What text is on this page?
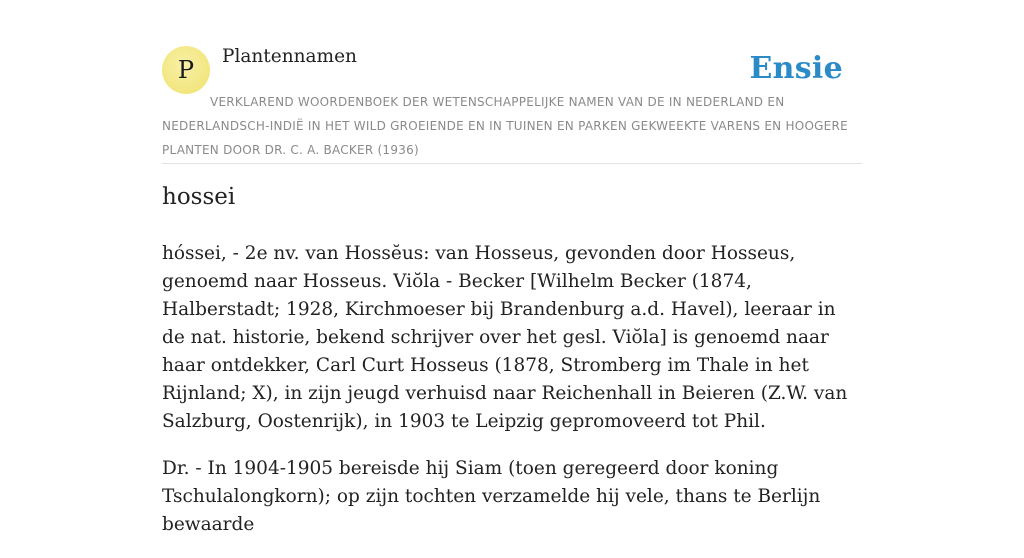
P	Plantennamen	Ensie
VERKLAREND WOORDENBOEK DER WETENSCHAPPELIJKE NAMEN VAN DE IN NEDERLAND EN NEDERLANDSCH-INDIË IN HET WILD GROEIENDE EN IN TUINEN EN PARKEN GEKWEEKTE VARENS EN HOOGERE PLANTEN DOOR DR. C. A. BACKER (1936)
hossei

hóssei, - 2e nv. van Hossĕus: van Hosseus, gevonden door Hosseus, genoemd naar Hosseus. Viŏla - Becker [Wilhelm Becker (1874, Halberstadt; 1928, Kirchmoeser bij Brandenburg a.d. Havel), leeraar in de nat. historie, bekend schrijver over het gesl. Viŏla] is genoemd naar haar ontdekker, Carl Curt Hosseus (1878, Stromberg im Thale in het Rijnland; X), in zijn jeugd verhuisd naar Reichenhall in Beieren (Z.W. van Salzburg, Oostenrijk), in 1903 te Leipzig gepromoveerd tot Phil.

Dr. - In 1904-1905 bereisde hij Siam (toen geregeerd door koning Tschulalongkorn); op zijn tochten verzamelde hij vele, thans te Berlijn bewaarde
